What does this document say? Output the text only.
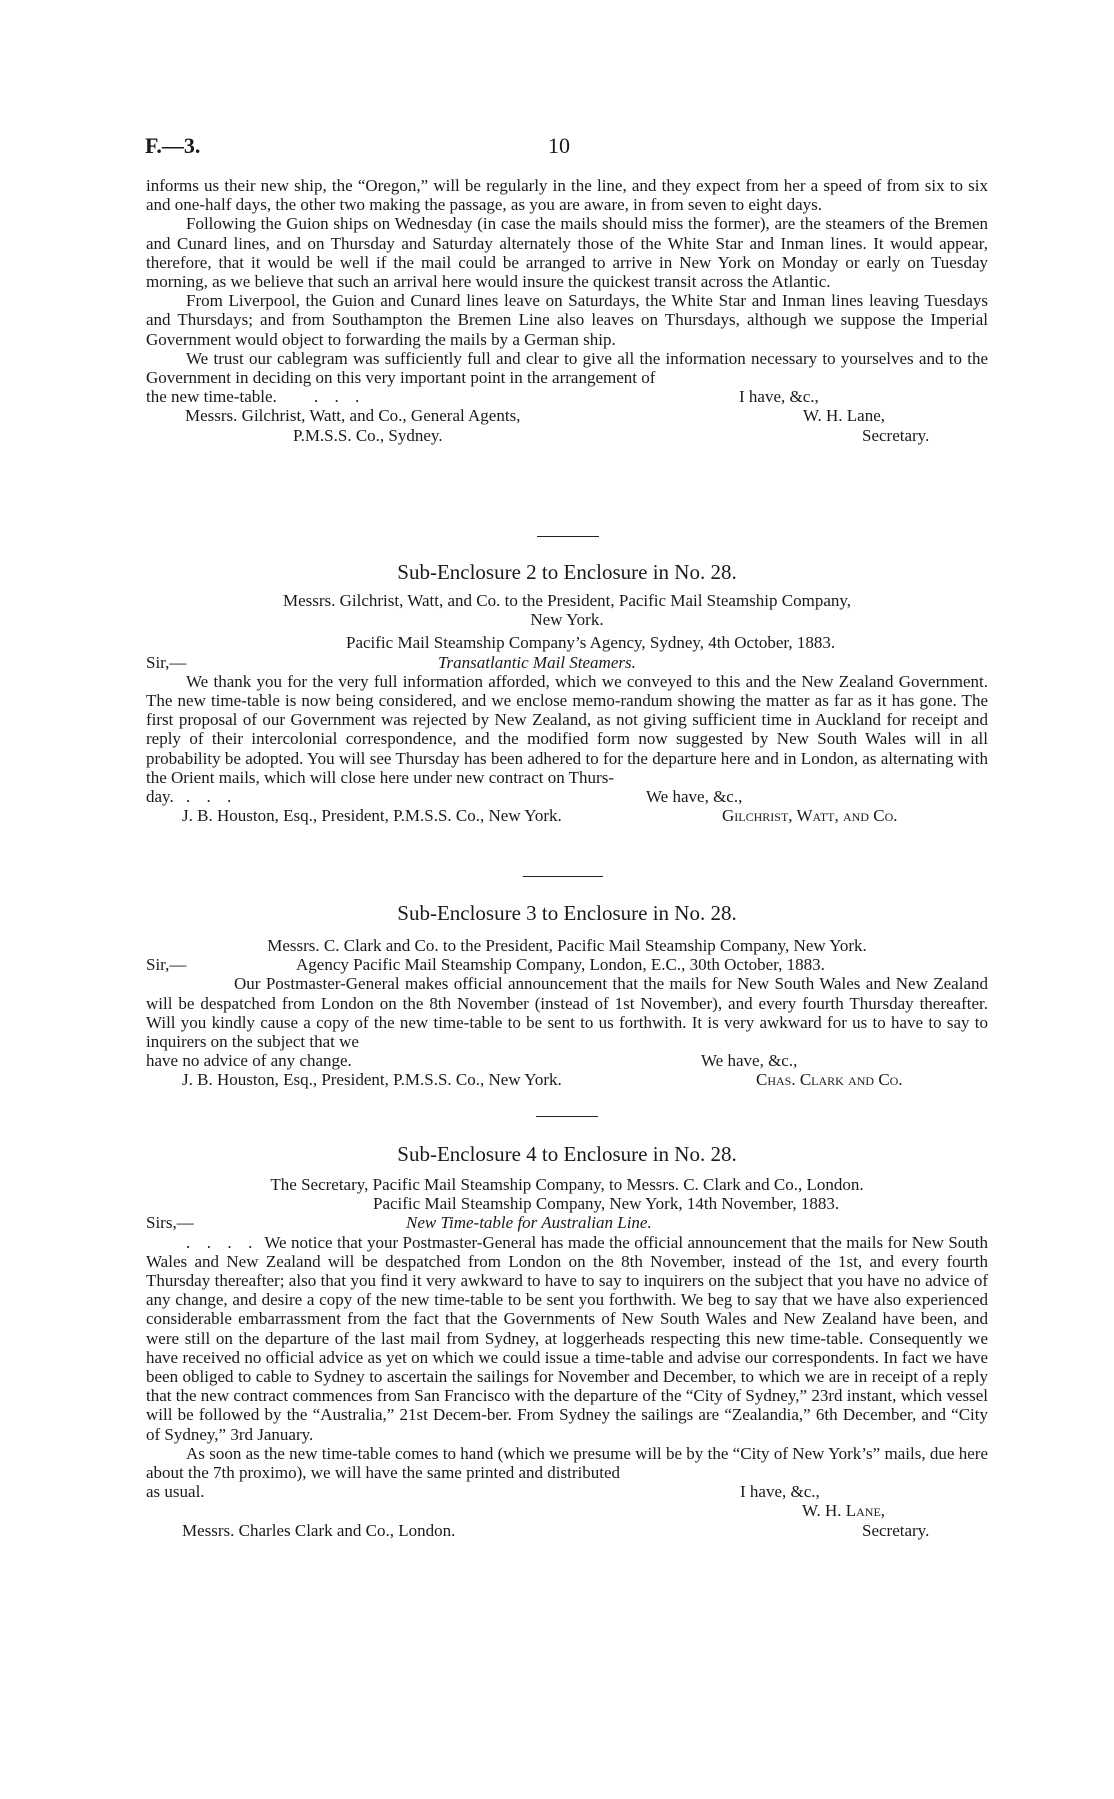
F.—3.	10

informs us their new ship, the “Oregon,” will be regularly in the line, and they expect from her a speed of from six to six and one-half days, the other two making the passage, as you are aware, in from seven to eight days.

Following the Guion ships on Wednesday (in case the mails should miss the former), are the steamers of the Bremen and Cunard lines, and on Thursday and Saturday alternately those of the White Star and Inman lines. It would appear, therefore, that it would be well if the mail could be arranged to arrive in New York on Monday or early on Tuesday morning, as we believe that such an arrival here would insure the quickest transit across the Atlantic.

From Liverpool, the Guion and Cunard lines leave on Saturdays, the White Star and Inman lines leaving Tuesdays and Thursdays; and from Southampton the Bremen Line also leaves on Thursdays, although we suppose the Imperial Government would object to forwarding the mails by a German ship.

We trust our cablegram was sufficiently full and clear to give all the information necessary to yourselves and to the Government in deciding on this very important point in the arrangement of

the new time-table. . . .	I have, &c.,
Messrs. Gilchrist, Watt, and Co., General Agents,	W. H. Lane,
P.M.S.S. Co., Sydney.	Secretary.
Sub-Enclosure 2 to Enclosure in No. 28.
Messrs. Gilchrist, Watt, and Co. to the President, Pacific Mail Steamship Company,
New York.
Pacific Mail Steamship Company’s Agency, Sydney, 4th October, 1883.
Sir,—	Transatlantic Mail Steamers.

We thank you for the very full information afforded, which we conveyed to this and the New Zealand Government. The new time-table is now being considered, and we enclose memo-randum showing the matter as far as it has gone. The first proposal of our Government was rejected by New Zealand, as not giving sufficient time in Auckland for receipt and reply of their intercolonial correspondence, and the modified form now suggested by New South Wales will in all probability be adopted. You will see Thursday has been adhered to for the departure here and in London, as alternating with the Orient mails, which will close here under new contract on Thurs-

day. . . .	We have, &c.,
J. B. Houston, Esq., President, P.M.S.S. Co., New York.	Gilchrist, Watt, and Co.
Sub-Enclosure 3 to Enclosure in No. 28.
Messrs. C. Clark and Co. to the President, Pacific Mail Steamship Company, New York.
Sir,—	Agency Pacific Mail Steamship Company, London, E.C., 30th October, 1883.

Our Postmaster-General makes official announcement that the mails for New South Wales and New Zealand will be despatched from London on the 8th November (instead of 1st November), and every fourth Thursday thereafter. Will you kindly cause a copy of the new time-table to be sent to us forthwith. It is very awkward for us to have to say to inquirers on the subject that we

have no advice of any change.	We have, &c.,
J. B. Houston, Esq., President, P.M.S.S. Co., New York.	Chas. Clark and Co.
Sub-Enclosure 4 to Enclosure in No. 28.
The Secretary, Pacific Mail Steamship Company, to Messrs. C. Clark and Co., London.
Pacific Mail Steamship Company, New York, 14th November, 1883.
Sirs,—	New Time-table for Australian Line.

. . . . We notice that your Postmaster-General has made the official announcement that the mails for New South Wales and New Zealand will be despatched from London on the 8th November, instead of the 1st, and every fourth Thursday thereafter; also that you find it very awkward to have to say to inquirers on the subject that you have no advice of any change, and desire a copy of the new time-table to be sent you forthwith. We beg to say that we have also experienced considerable embarrassment from the fact that the Governments of New South Wales and New Zealand have been, and were still on the departure of the last mail from Sydney, at loggerheads respecting this new time-table. Consequently we have received no official advice as yet on which we could issue a time-table and advise our correspondents. In fact we have been obliged to cable to Sydney to ascertain the sailings for November and December, to which we are in receipt of a reply that the new contract commences from San Francisco with the departure of the “City of Sydney,” 23rd instant, which vessel will be followed by the “Australia,” 21st Decem-ber. From Sydney the sailings are “Zealandia,” 6th December, and “City of Sydney,” 3rd January.

As soon as the new time-table comes to hand (which we presume will be by the “City of New York’s” mails, due here about the 7th proximo), we will have the same printed and distributed

as usual.	I have, &c.,
W. H. Lane,
Messrs. Charles Clark and Co., London.	Secretary.
